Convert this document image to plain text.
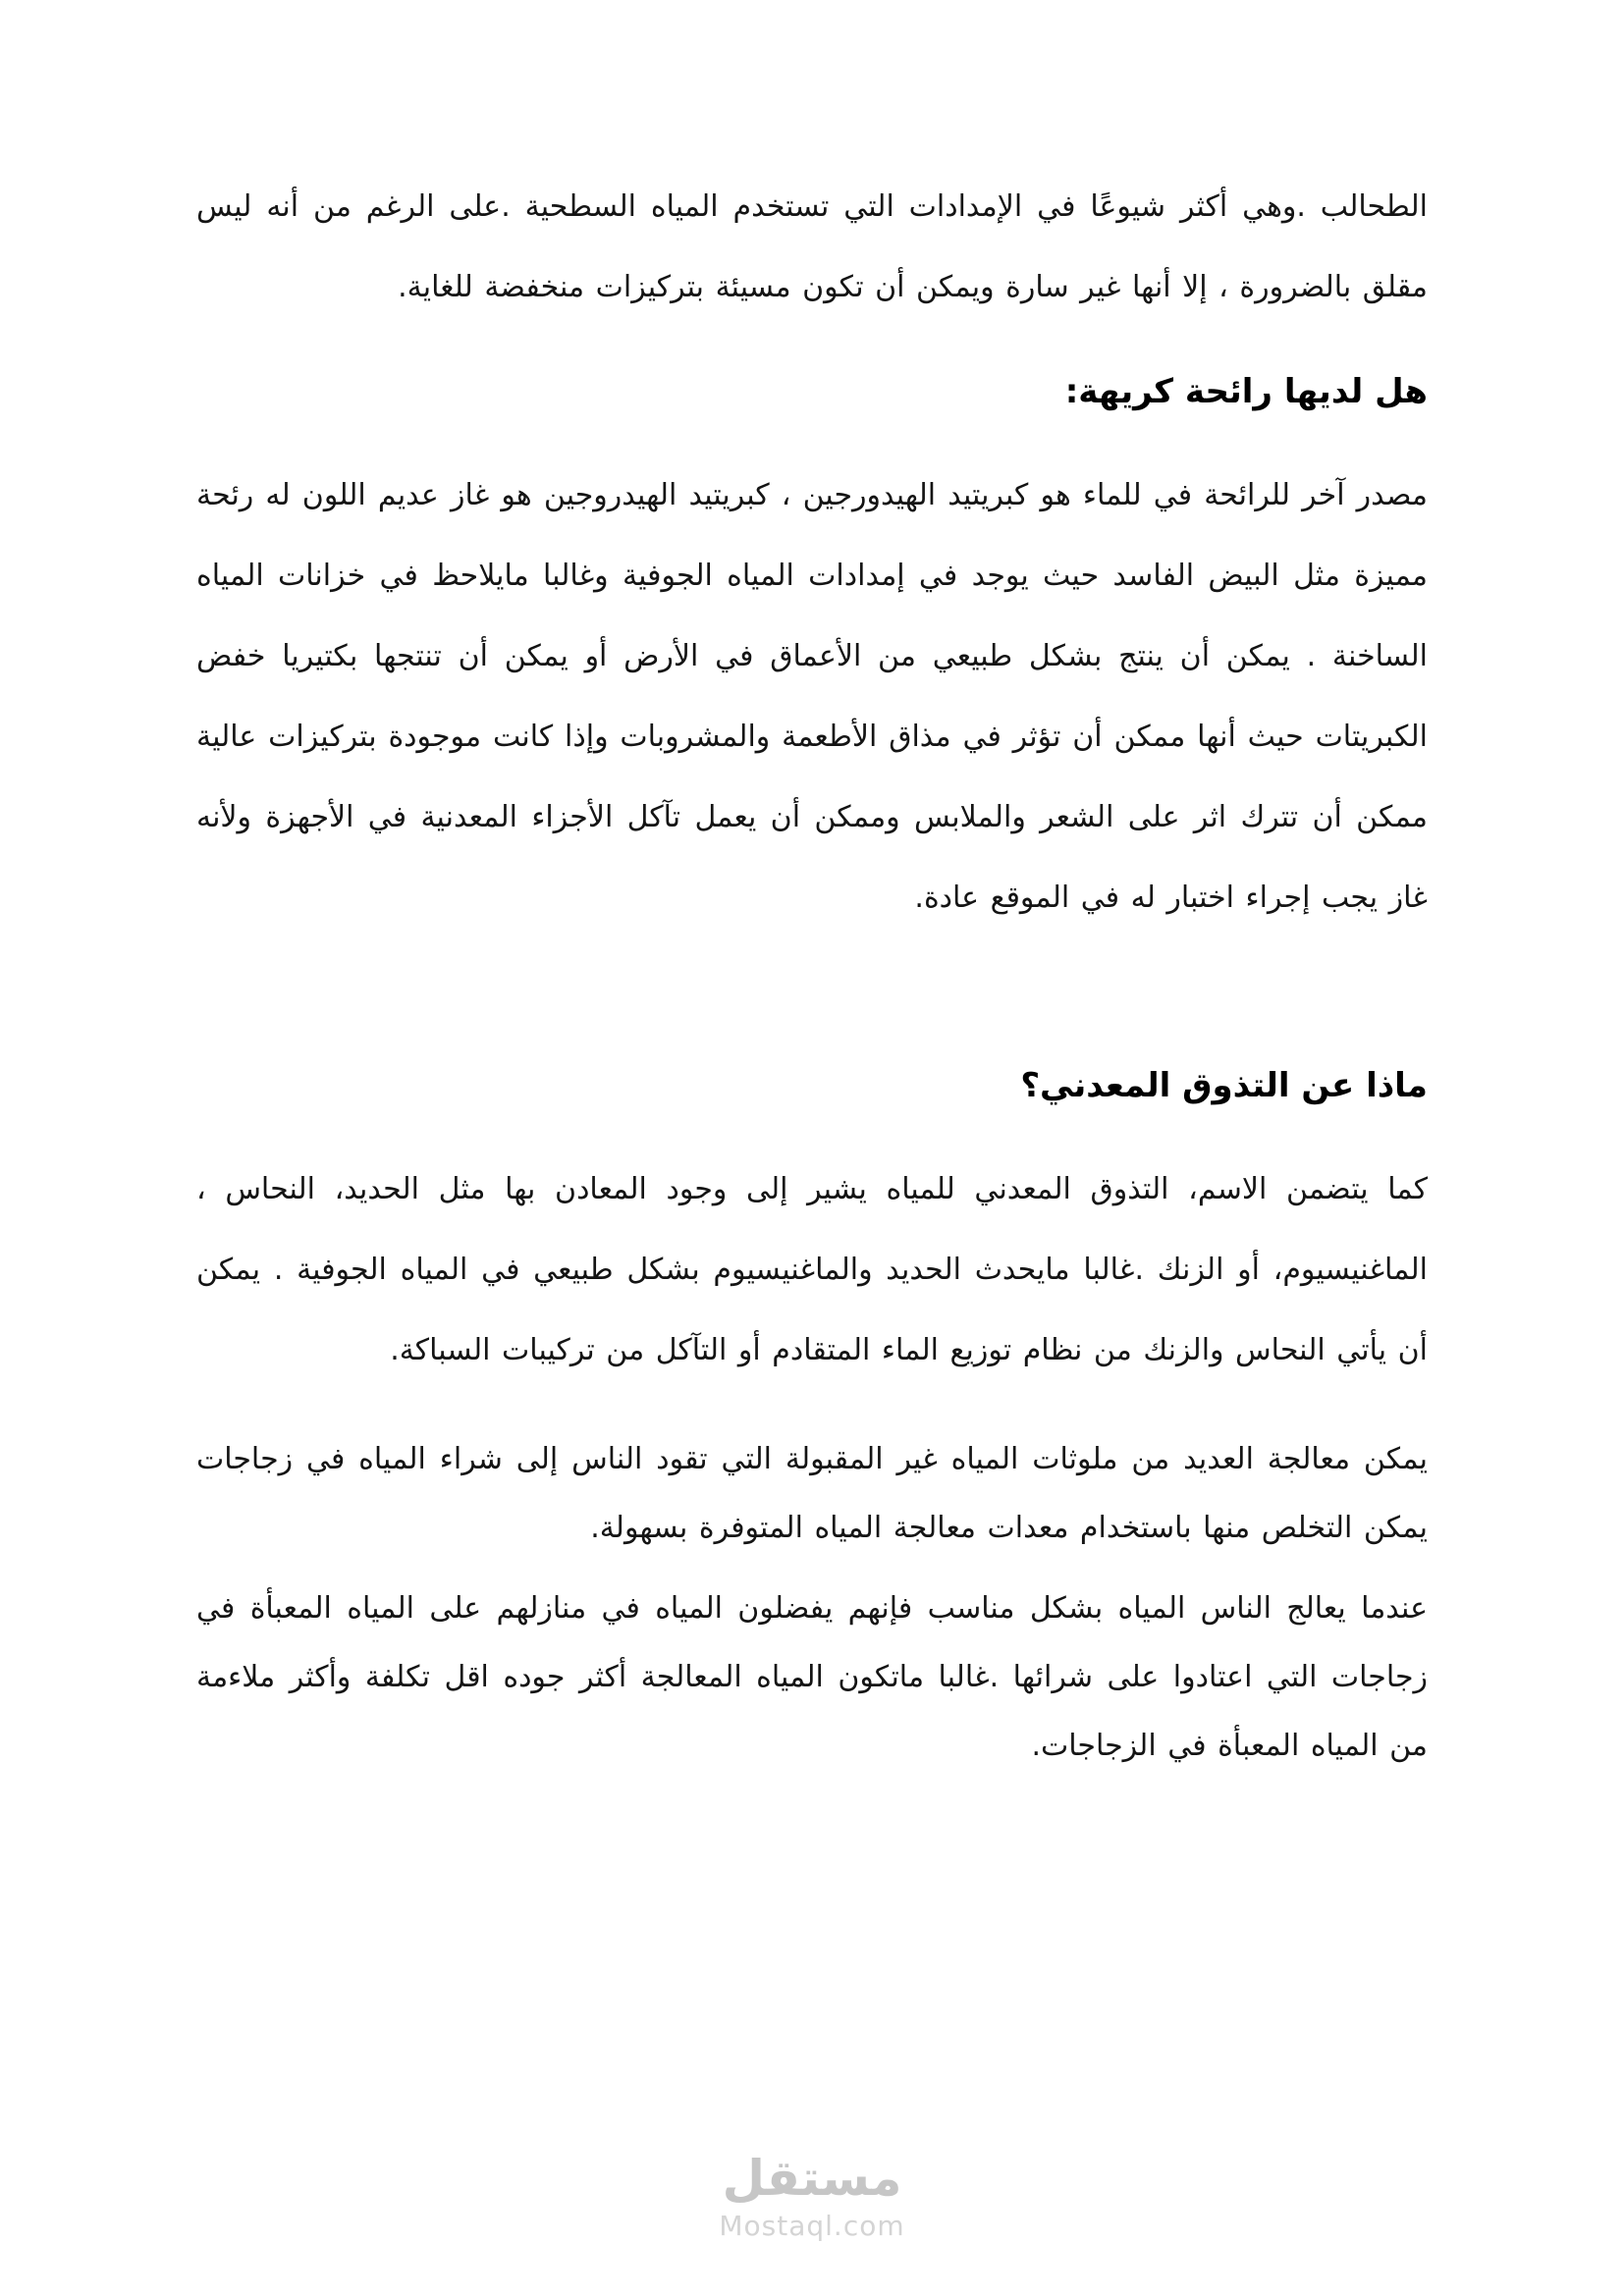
الطحالب .وهي أكثر شيوعًا في الإمدادات التي تستخدم المياه السطحية .على الرغم من أنه ليس مقلق بالضرورة ، إلا أنها غير سارة ويمكن أن تكون مسيئة بتركيزات منخفضة للغاية.

هل لديها رائحة كريهة:

مصدر آخر للرائحة في للماء هو كبريتيد الهيدورجين ، كبريتيد الهيدروجين هو غاز عديم اللون له رئحة مميزة مثل البيض الفاسد حيث يوجد في إمدادات المياه الجوفية وغالبا مايلاحظ في خزانات المياه الساخنة . يمكن أن ينتج بشكل طبيعي من الأعماق في الأرض أو يمكن أن تنتجها بكتيريا خفض الكبريتات حيث أنها ممكن أن تؤثر في مذاق الأطعمة والمشروبات وإذا كانت موجودة بتركيزات عالية ممكن أن تترك اثر على الشعر والملابس وممكن أن يعمل تآكل الأجزاء المعدنية في الأجهزة ولأنه غاز يجب إجراء اختبار له في الموقع عادة.

ماذا عن التذوق المعدني؟

كما يتضمن الاسم، التذوق المعدني للمياه يشير إلى وجود المعادن بها مثل الحديد، النحاس ، الماغنيسيوم، أو الزنك .غالبا مايحدث الحديد والماغنيسيوم بشكل طبيعي في المياه الجوفية . يمكن أن يأتي النحاس والزنك من نظام توزيع الماء المتقادم أو التآكل من تركيبات السباكة.

يمكن معالجة العديد من ملوثات المياه غير المقبولة التي تقود الناس إلى شراء المياه في زجاجات يمكن التخلص منها باستخدام معدات معالجة المياه المتوفرة بسهولة.

عندما يعالج الناس المياه بشكل مناسب فإنهم يفضلون المياه في منازلهم على المياه المعبأة في زجاجات التي اعتادوا على شرائها .غالبا ماتكون المياه المعالجة أكثر جوده اقل تكلفة وأكثر ملاءمة من المياه المعبأة في الزجاجات.

مستقل
Mostaql.com
